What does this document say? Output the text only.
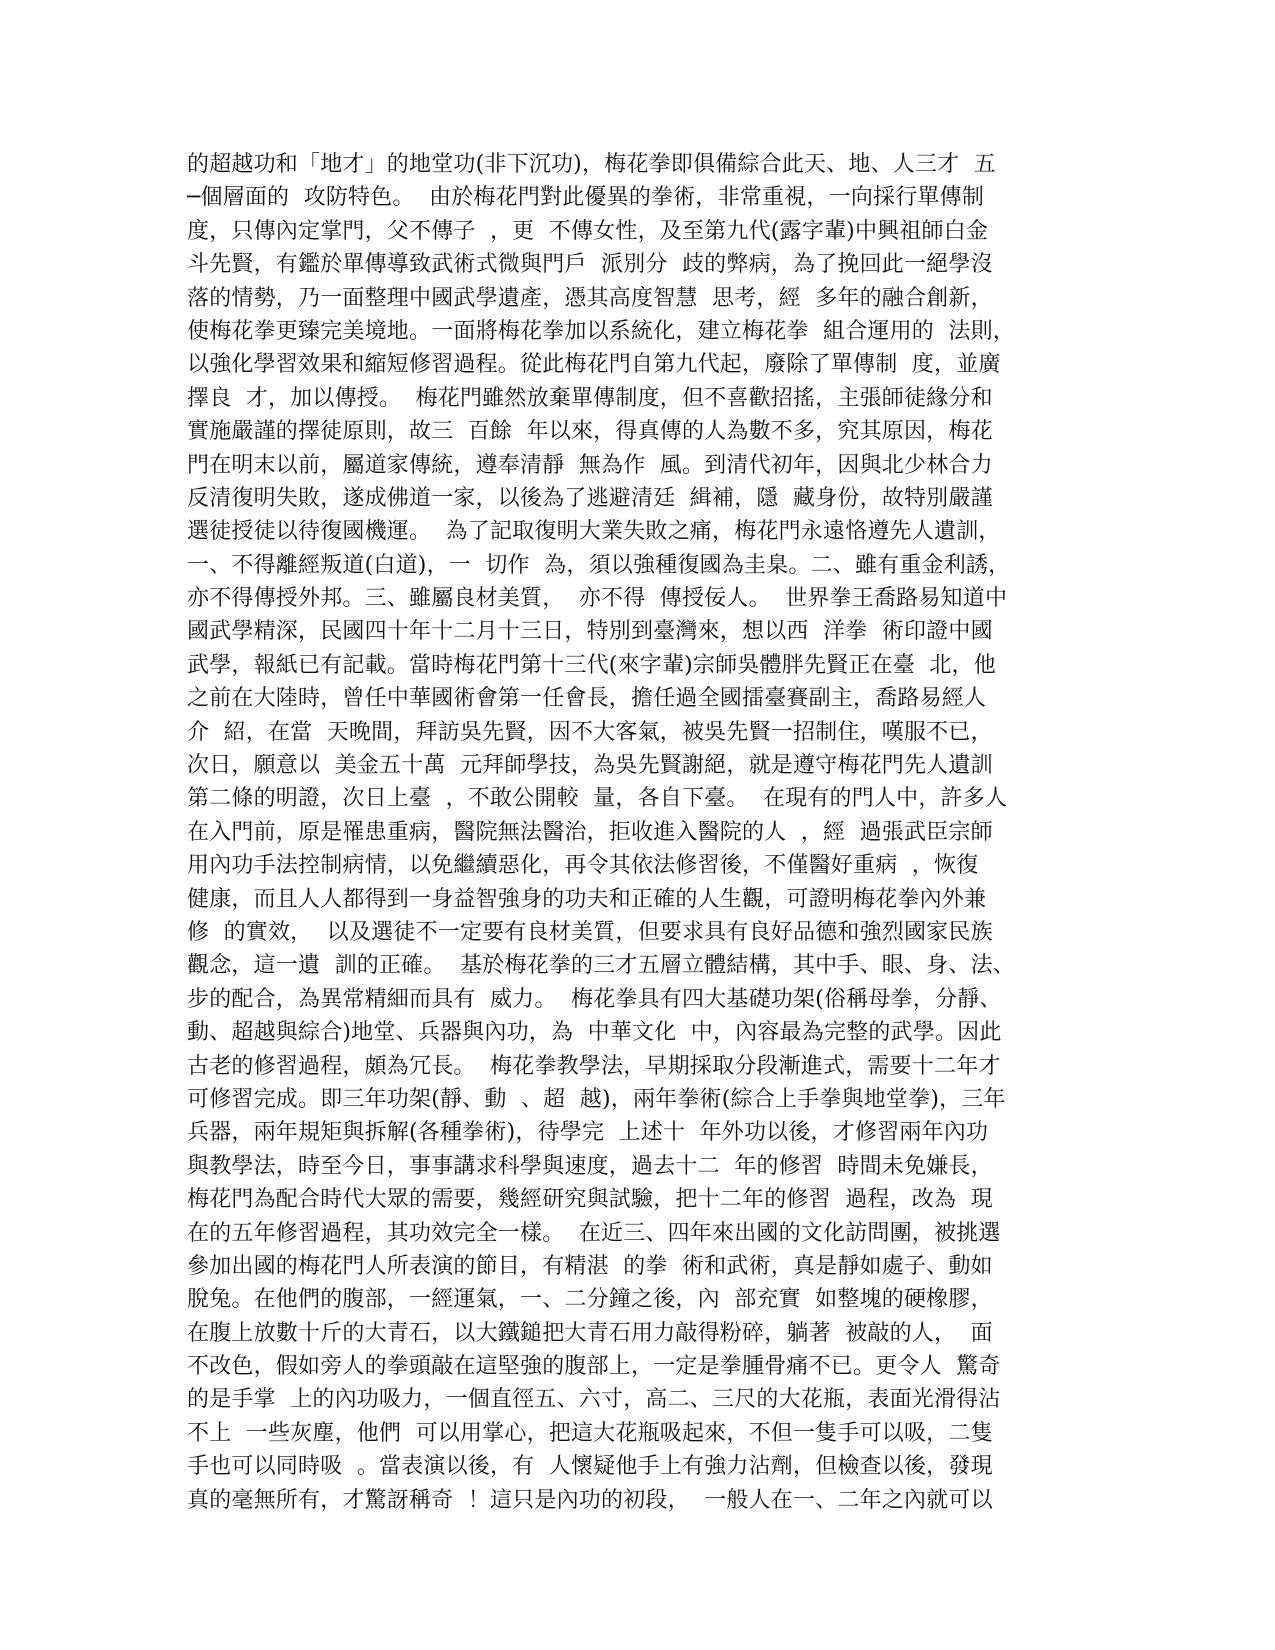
的超越功和「地才」的地堂功(非下沉功)，梅花拳即俱備綜合此天、地、人三才  五
─個層面的  攻防特色。  由於梅花門對此優異的拳術，非常重視，一向採行單傳制
度，只傳內定掌門，父不傳子  ，更  不傳女性，及至第九代(露字輩)中興祖師白金
斗先賢，有鑑於單傳導致武術式微與門戶  派別分  歧的弊病，為了挽回此一絕學沒
落的情勢，乃一面整理中國武學遺產，憑其高度智慧  思考，經  多年的融合創新，
使梅花拳更臻完美境地。一面將梅花拳加以系統化，建立梅花拳  組合運用的  法則，
以強化學習效果和縮短修習過程。從此梅花門自第九代起，廢除了單傳制  度，並廣
擇良  才，加以傳授。  梅花門雖然放棄單傳制度，但不喜歡招搖，主張師徒緣分和
實施嚴謹的擇徒原則，故三  百餘  年以來，得真傳的人為數不多，究其原因，梅花
門在明末以前，屬道家傳統，遵奉清靜  無為作  風。到清代初年，因與北少林合力
反清復明失敗，遂成佛道一家，以後為了逃避清廷  緝補，隱  藏身份，故特別嚴謹
選徒授徒以待復國機運。  為了記取復明大業失敗之痛，梅花門永遠恪遵先人遺訓，
一、不得離經叛道(白道)，一  切作  為，須以強種復國為圭臬。二、雖有重金利誘，
亦不得傳授外邦。三、雖屬良材美質，  亦不得  傳授佞人。  世界拳王喬路易知道中
國武學精深，民國四十年十二月十三日，特別到臺灣來，想以西  洋拳  術印證中國
武學，報紙已有記載。當時梅花門第十三代(來字輩)宗師吳體胖先賢正在臺  北，他
之前在大陸時，曾任中華國術會第一任會長，擔任過全國擂臺賽副主，喬路易經人
介  紹，在當  天晚間，拜訪吳先賢，因不大客氣，被吳先賢一招制住，嘆服不已，
次日，願意以  美金五十萬  元拜師學技，為吳先賢謝絕，就是遵守梅花門先人遺訓
第二條的明證，次日上臺  ，不敢公開較  量，各自下臺。  在現有的門人中，許多人
在入門前，原是罹患重病，醫院無法醫治，拒收進入醫院的人  ，經  過張武臣宗師
用內功手法控制病情，以免繼續惡化，再令其依法修習後，不僅醫好重病  ，恢復
健康，而且人人都得到一身益智強身的功夫和正確的人生觀，可證明梅花拳內外兼
修  的實效，  以及選徒不一定要有良材美質，但要求具有良好品德和強烈國家民族
觀念，這一遺  訓的正確。  基於梅花拳的三才五層立體結構，其中手、眼、身、法、
步的配合，為異常精細而具有  威力。  梅花拳具有四大基礎功架(俗稱母拳，分靜、
動、超越與綜合)地堂、兵器與內功，為  中華文化  中，內容最為完整的武學。因此
古老的修習過程，頗為冗長。  梅花拳教學法，早期採取分段漸進式，需要十二年才
可修習完成。即三年功架(靜、動  、超  越)，兩年拳術(綜合上手拳與地堂拳)，三年
兵器，兩年規矩與拆解(各種拳術)，待學完  上述十  年外功以後，才修習兩年內功
與教學法，時至今日，事事講求科學與速度，過去十二  年的修習  時間未免嫌長，
梅花門為配合時代大眾的需要，幾經研究與試驗，把十二年的修習  過程，改為  現
在的五年修習過程，其功效完全一樣。  在近三、四年來出國的文化訪問團，被挑選
參加出國的梅花門人所表演的節目，有精湛  的拳  術和武術，真是靜如處子、動如
脫兔。在他們的腹部，一經運氣，一、二分鐘之後，內  部充實  如整塊的硬橡膠，
在腹上放數十斤的大青石，以大鐵鎚把大青石用力敲得粉碎，躺著  被敲的人，  面
不改色，假如旁人的拳頭敲在這堅強的腹部上，一定是拳腫骨痛不已。更令人  驚奇
的是手掌  上的內功吸力，一個直徑五、六寸，高二、三尺的大花瓶，表面光滑得沾
不上  一些灰塵，他們  可以用掌心，把這大花瓶吸起來，不但一隻手可以吸，二隻
手也可以同時吸  。當表演以後，有  人懷疑他手上有強力沾劑，但檢查以後，發現
真的毫無所有，才驚訝稱奇  ！這只是內功的初段，  一般人在一、二年之內就可以
